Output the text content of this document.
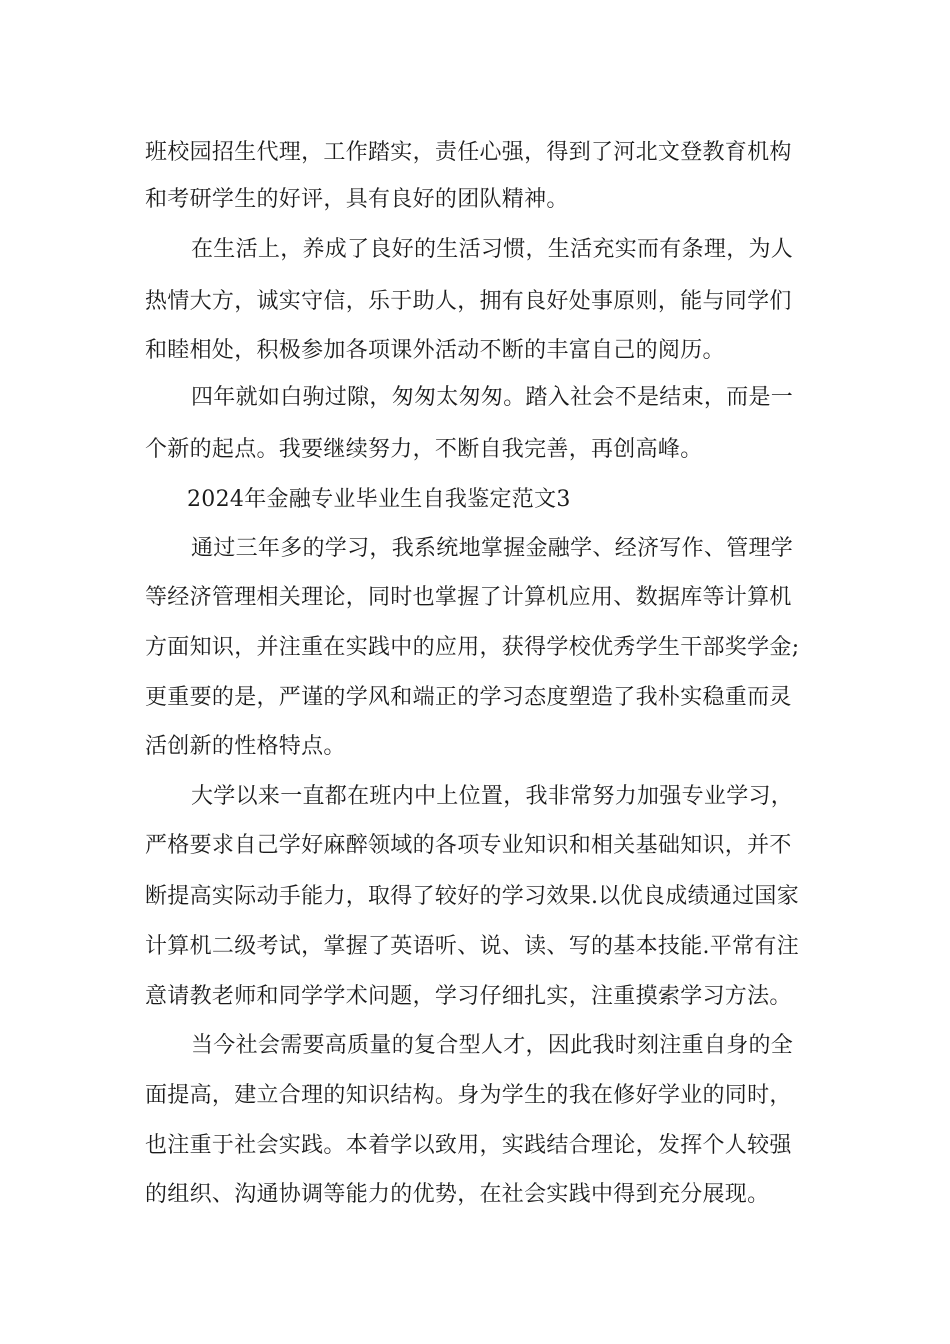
班校园招生代理，工作踏实，责任心强，得到了河北文登教育机构
和考研学生的好评，具有良好的团队精神。
在生活上，养成了良好的生活习惯，生活充实而有条理，为人
热情大方，诚实守信，乐于助人，拥有良好处事原则，能与同学们
和睦相处，积极参加各项课外活动不断的丰富自己的阅历。
四年就如白驹过隙，匆匆太匆匆。踏入社会不是结束，而是一
个新的起点。我要继续努力，不断自我完善，再创高峰。
2024年金融专业毕业生自我鉴定范文3
通过三年多的学习，我系统地掌握金融学、经济写作、管理学
等经济管理相关理论，同时也掌握了计算机应用、数据库等计算机
方面知识，并注重在实践中的应用，获得学校优秀学生干部奖学金;
更重要的是，严谨的学风和端正的学习态度塑造了我朴实稳重而灵
活创新的性格特点。
大学以来一直都在班内中上位置，我非常努力加强专业学习，
严格要求自己学好麻醉领域的各项专业知识和相关基础知识，并不
断提高实际动手能力，取得了较好的学习效果.以优良成绩通过国家
计算机二级考试，掌握了英语听、说、读、写的基本技能.平常有注
意请教老师和同学学术问题，学习仔细扎实，注重摸索学习方法。
当今社会需要高质量的复合型人才，因此我时刻注重自身的全
面提高，建立合理的知识结构。身为学生的我在修好学业的同时，
也注重于社会实践。本着学以致用，实践结合理论，发挥个人较强
的组织、沟通协调等能力的优势，在社会实践中得到充分展现。
